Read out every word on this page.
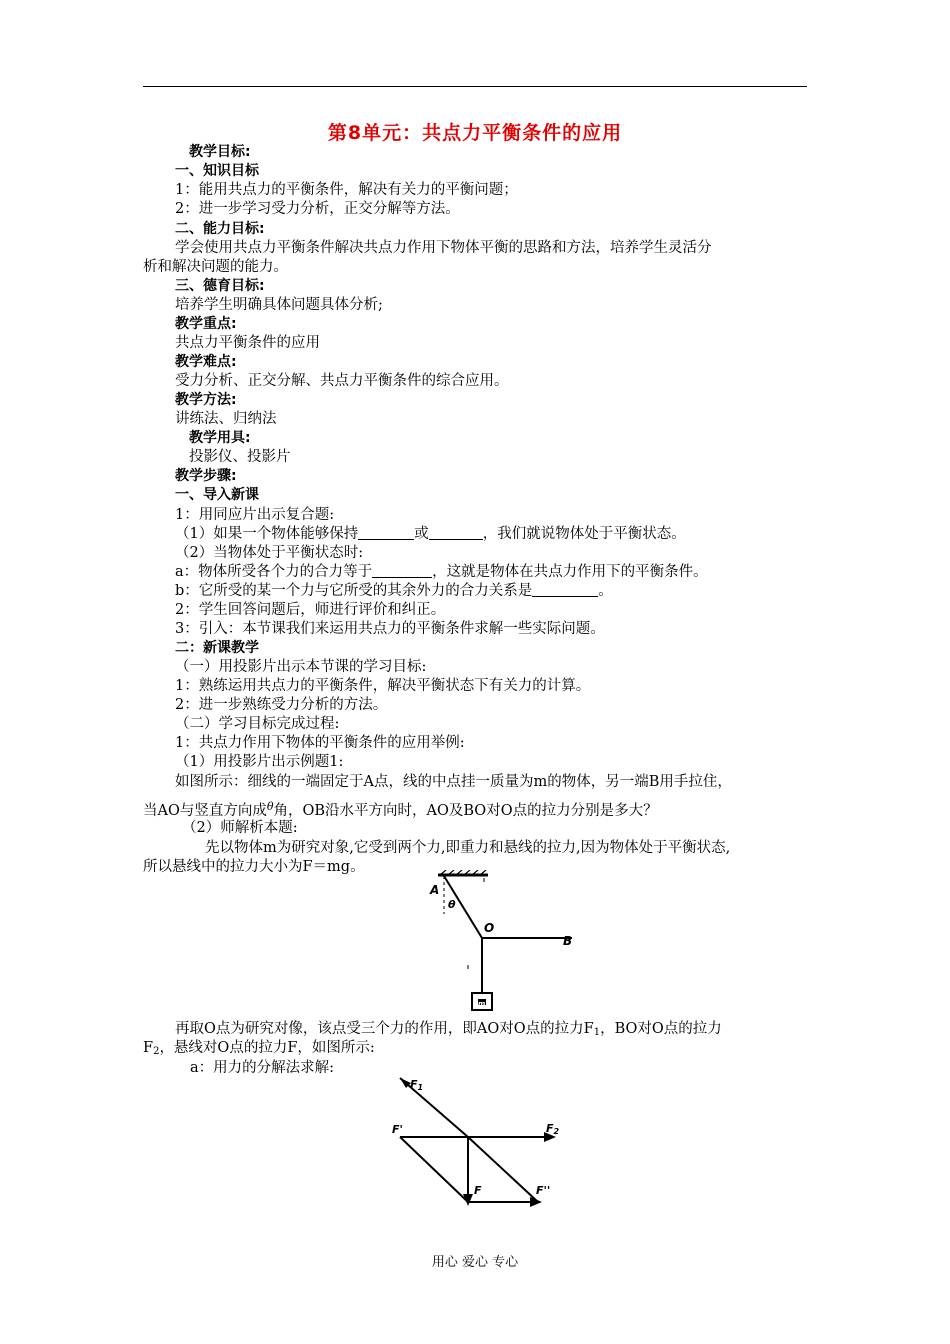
第8单元：共点力平衡条件的应用
教学目标:
一、知识目标
1：能用共点力的平衡条件，解决有关力的平衡问题；
2：进一步学习受力分析，正交分解等方法。
二、能力目标:
学会使用共点力平衡条件解决共点力作用下物体平衡的思路和方法，培养学生灵活分
析和解决问题的能力。
三、德育目标:
培养学生明确具体问题具体分析;
教学重点:
共点力平衡条件的应用
教学难点:
受力分析、正交分解、共点力平衡条件的综合应用。
教学方法:
讲练法、归纳法
教学用具:
投影仪、投影片
教学步骤:
一、导入新课
1：用同应片出示复合题:
（1）如果一个物体能够保持	或	，我们就说物体处于平衡状态。
（2）当物体处于平衡状态时:
a：物体所受各个力的合力等于	，这就是物体在共点力作用下的平衡条件。
b：它所受的某一个力与它所受的其余外力的合力关系是	。
2：学生回答问题后，师进行评价和纠正。
3：引入：本节课我们来运用共点力的平衡条件求解一些实际问题。
二：新课教学
（一）用投影片出示本节课的学习目标:
1：熟练运用共点力的平衡条件，解决平衡状态下有关力的计算。
2：进一步熟练受力分析的方法。
（二）学习目标完成过程:
1：共点力作用下物体的平衡条件的应用举例:
（1）用投影片出示例题1:
如图所示：细线的一端固定于A点，线的中点挂一质量为m的物体，另一端B用手拉住，
当AO与竖直方向成$^\theta$角，OB沿水平方向时，AO及BO对O点的拉力分别是多大？
（2）师解析本题:
先以物体m为研究对象,它受到两个力,即重力和悬线的拉力,因为物体处于平衡状态,
所以悬线中的拉力大小为F＝mg。
A
θ
O
B
m
再取O点为研究对像，该点受三个力的作用，即AO对O点的拉力$F_1$，BO对O点的拉力
$F_2$，悬线对O点的拉力F，如图所示:
a：用力的分解法求解:
F1
F2
F'
F	F''
用心 爱心 专心
